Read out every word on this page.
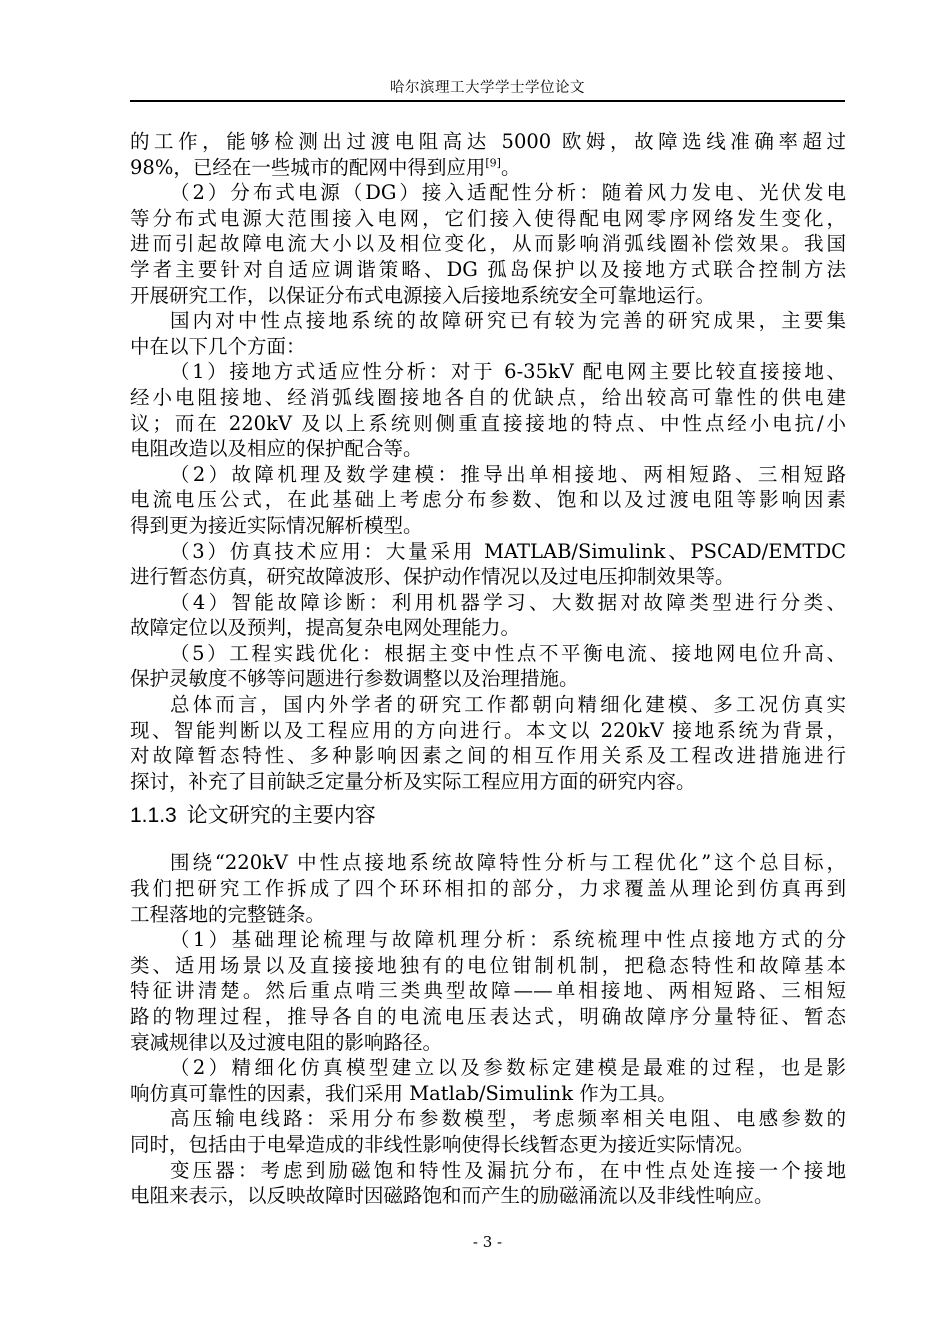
哈尔滨理工大学学士学位论文
的工作，能够检测出过渡电阻高达 5000 欧姆，故障选线准确率超过
98%，已经在一些城市的配网中得到应用[9]。
（2）分布式电源（DG）接入适配性分析：随着风力发电、光伏发电
等分布式电源大范围接入电网，它们接入使得配电网零序网络发生变化，
进而引起故障电流大小以及相位变化，从而影响消弧线圈补偿效果。我国
学者主要针对自适应调谐策略、DG 孤岛保护以及接地方式联合控制方法
开展研究工作，以保证分布式电源接入后接地系统安全可靠地运行。
国内对中性点接地系统的故障研究已有较为完善的研究成果，主要集
中在以下几个方面：
（1）接地方式适应性分析：对于 6-35kV 配电网主要比较直接接地、
经小电阻接地、经消弧线圈接地各自的优缺点，给出较高可靠性的供电建
议；而在 220kV 及以上系统则侧重直接接地的特点、中性点经小电抗/小
电阻改造以及相应的保护配合等。
（2）故障机理及数学建模：推导出单相接地、两相短路、三相短路
电流电压公式，在此基础上考虑分布参数、饱和以及过渡电阻等影响因素
得到更为接近实际情况解析模型。
（3）仿真技术应用：大量采用 MATLAB/Simulink、PSCAD/EMTDC
进行暂态仿真，研究故障波形、保护动作情况以及过电压抑制效果等。
（4）智能故障诊断：利用机器学习、大数据对故障类型进行分类、
故障定位以及预判，提高复杂电网处理能力。
（5）工程实践优化：根据主变中性点不平衡电流、接地网电位升高、
保护灵敏度不够等问题进行参数调整以及治理措施。
总体而言，国内外学者的研究工作都朝向精细化建模、多工况仿真实
现、智能判断以及工程应用的方向进行。本文以 220kV 接地系统为背景，
对故障暂态特性、多种影响因素之间的相互作用关系及工程改进措施进行
探讨，补充了目前缺乏定量分析及实际工程应用方面的研究内容。
1.1.3 论文研究的主要内容
围绕“220kV 中性点接地系统故障特性分析与工程优化”这个总目标，
我们把研究工作拆成了四个环环相扣的部分，力求覆盖从理论到仿真再到
工程落地的完整链条。
（1）基础理论梳理与故障机理分析：系统梳理中性点接地方式的分
类、适用场景以及直接接地独有的电位钳制机制，把稳态特性和故障基本
特征讲清楚。然后重点啃三类典型故障——单相接地、两相短路、三相短
路的物理过程，推导各自的电流电压表达式，明确故障序分量特征、暂态
衰减规律以及过渡电阻的影响路径。
（2）精细化仿真模型建立以及参数标定建模是最难的过程，也是影
响仿真可靠性的因素，我们采用 Matlab/Simulink 作为工具。
高压输电线路：采用分布参数模型，考虑频率相关电阻、电感参数的
同时，包括由于电晕造成的非线性影响使得长线暂态更为接近实际情况。
变压器：考虑到励磁饱和特性及漏抗分布，在中性点处连接一个接地
电阻来表示，以反映故障时因磁路饱和而产生的励磁涌流以及非线性响应。
- 3 -
